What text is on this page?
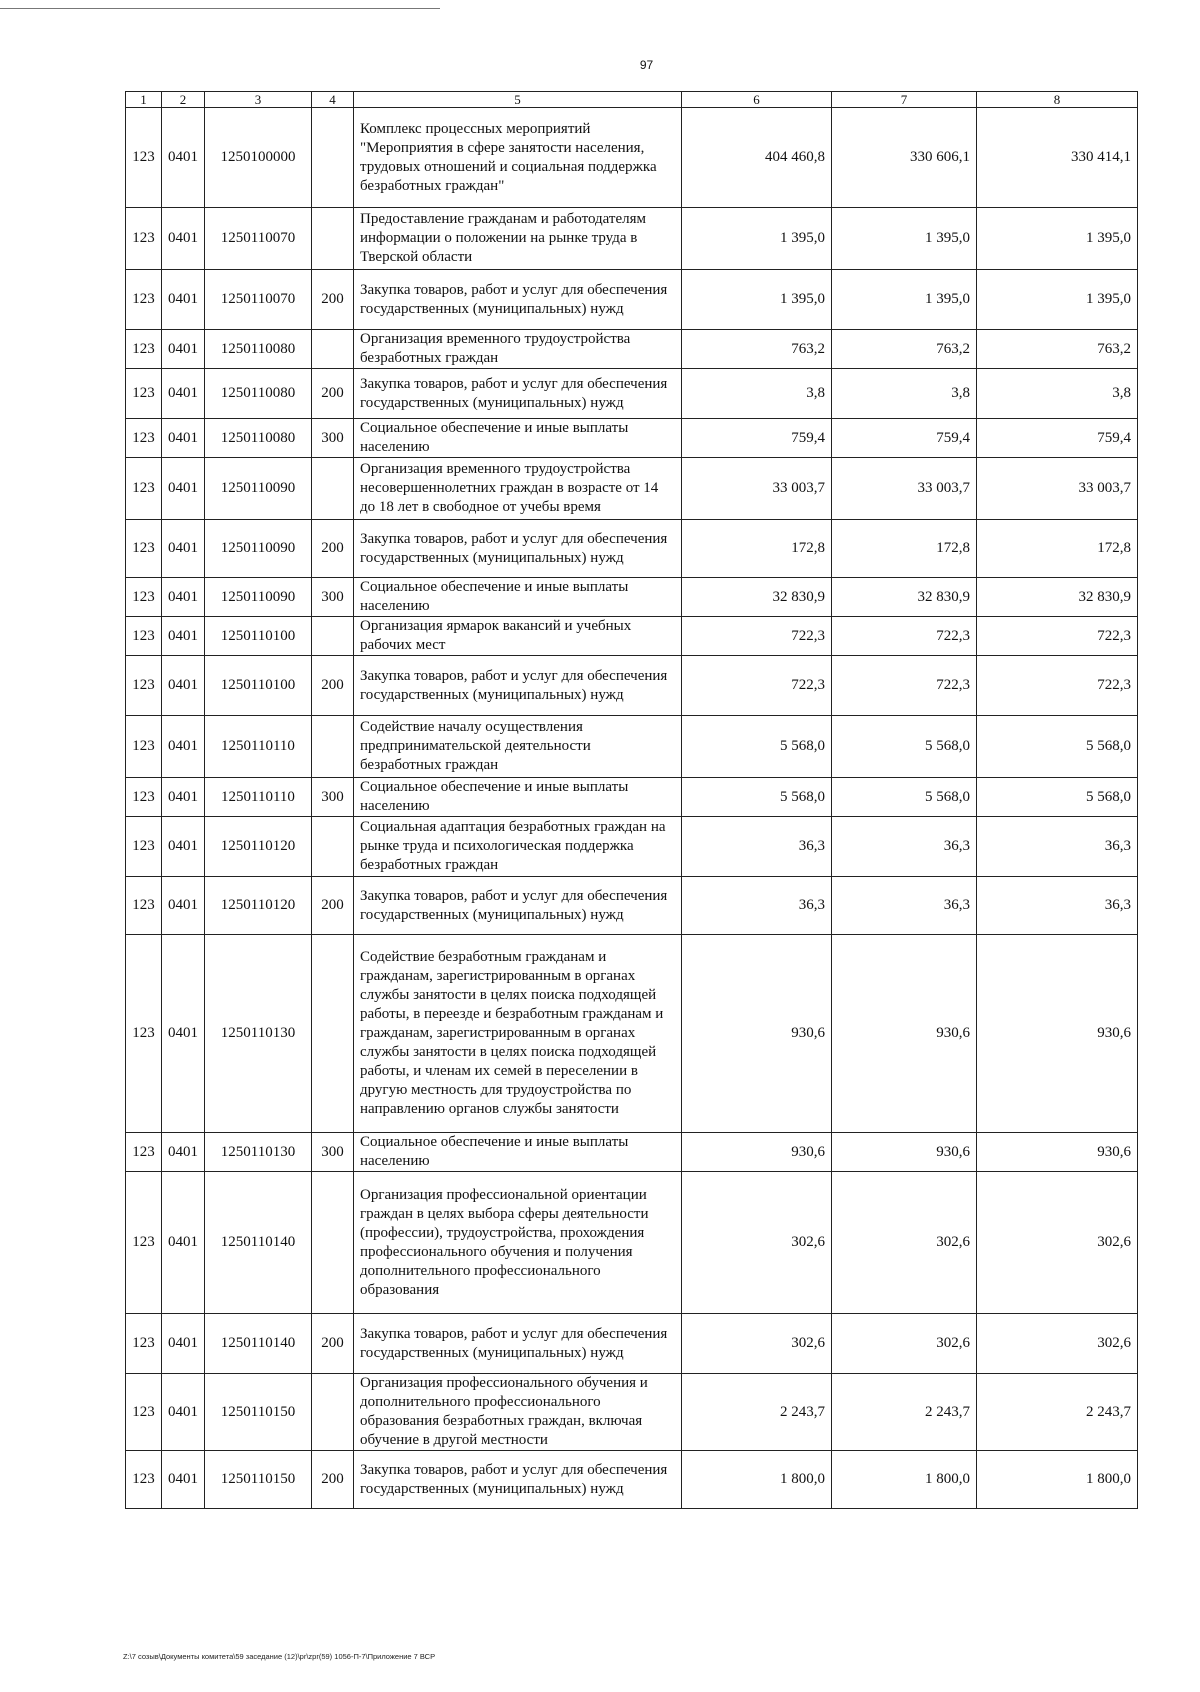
97
1	2	3	4	5	6	7	8
123	0401	1250100000		Комплекс процессных мероприятий "Мероприятия в сфере занятости населения, трудовых отношений и социальная поддержка безработных граждан"	404 460,8	330 606,1	330 414,1
123	0401	1250110070		Предоставление гражданам и работодателям информации о положении на рынке труда в Тверской области	1 395,0	1 395,0	1 395,0
123	0401	1250110070	200	Закупка товаров, работ и услуг для обеспечения государственных (муниципальных) нужд	1 395,0	1 395,0	1 395,0
123	0401	1250110080		Организация временного трудоустройства безработных граждан	763,2	763,2	763,2
123	0401	1250110080	200	Закупка товаров, работ и услуг для обеспечения государственных (муниципальных) нужд	3,8	3,8	3,8
123	0401	1250110080	300	Социальное обеспечение и иные выплаты населению	759,4	759,4	759,4
123	0401	1250110090		Организация временного трудоустройства несовершеннолетних граждан в возрасте от 14 до 18 лет в свободное от учебы время	33 003,7	33 003,7	33 003,7
123	0401	1250110090	200	Закупка товаров, работ и услуг для обеспечения государственных (муниципальных) нужд	172,8	172,8	172,8
123	0401	1250110090	300	Социальное обеспечение и иные выплаты населению	32 830,9	32 830,9	32 830,9
123	0401	1250110100		Организация ярмарок вакансий и учебных рабочих мест	722,3	722,3	722,3
123	0401	1250110100	200	Закупка товаров, работ и услуг для обеспечения государственных (муниципальных) нужд	722,3	722,3	722,3
123	0401	1250110110		Содействие началу осуществления предпринимательской деятельности безработных граждан	5 568,0	5 568,0	5 568,0
123	0401	1250110110	300	Социальное обеспечение и иные выплаты населению	5 568,0	5 568,0	5 568,0
123	0401	1250110120		Социальная адаптация безработных граждан на рынке труда и психологическая поддержка безработных граждан	36,3	36,3	36,3
123	0401	1250110120	200	Закупка товаров, работ и услуг для обеспечения государственных (муниципальных) нужд	36,3	36,3	36,3
123	0401	1250110130		Содействие безработным гражданам и гражданам, зарегистрированным в органах службы занятости в целях поиска подходящей работы, в переезде и безработным гражданам и гражданам, зарегистрированным в органах службы занятости в целях поиска подходящей работы, и членам их семей в переселении в другую местность для трудоустройства по направлению органов службы занятости	930,6	930,6	930,6
123	0401	1250110130	300	Социальное обеспечение и иные выплаты населению	930,6	930,6	930,6
123	0401	1250110140		Организация профессиональной ориентации граждан в целях выбора сферы деятельности (профессии), трудоустройства, прохождения профессионального обучения и получения дополнительного профессионального образования	302,6	302,6	302,6
123	0401	1250110140	200	Закупка товаров, работ и услуг для обеспечения государственных (муниципальных) нужд	302,6	302,6	302,6
123	0401	1250110150		Организация профессионального обучения и дополнительного профессионального образования безработных граждан, включая обучение в другой местности	2 243,7	2 243,7	2 243,7
123	0401	1250110150	200	Закупка товаров, работ и услуг для обеспечения государственных (муниципальных) нужд	1 800,0	1 800,0	1 800,0
Z:\7 созыв\Документы комитета\59 заседание (12)\pr\zpr(59) 1056-П-7\Приложение 7 ВСР
